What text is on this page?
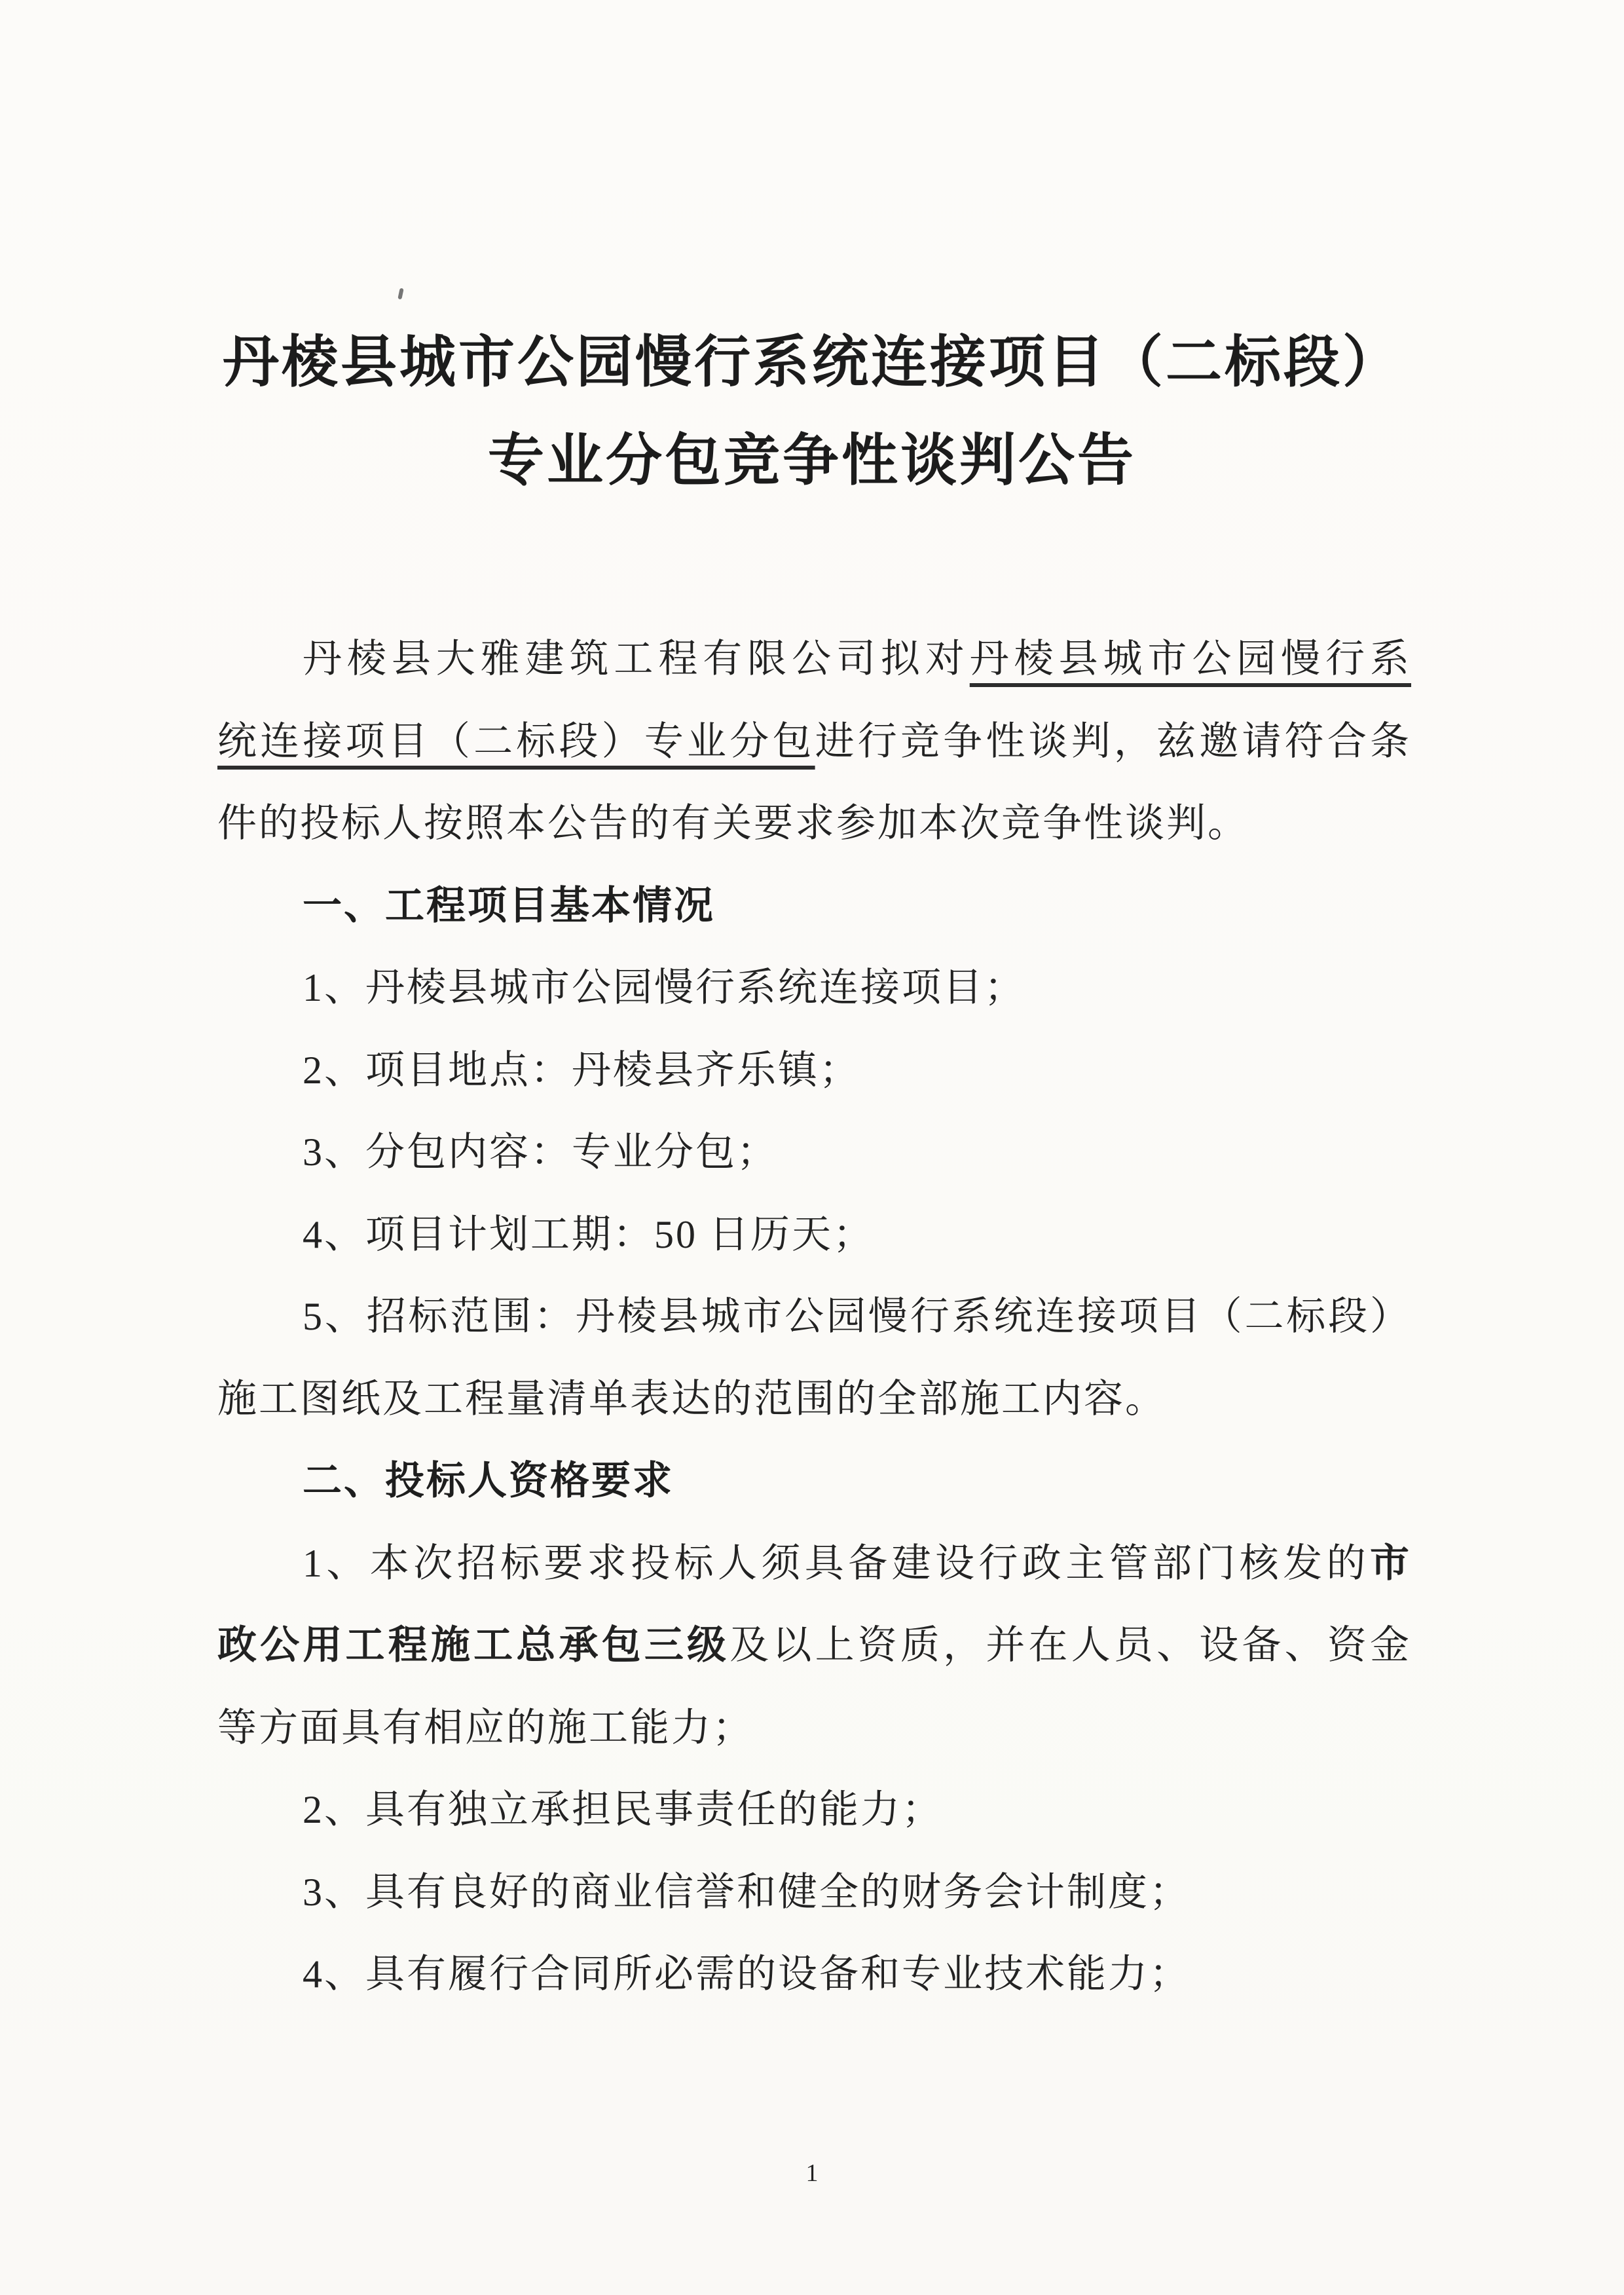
丹棱县城市公园慢行系统连接项目（二标段）
专业分包竞争性谈判公告
丹棱县大雅建筑工程有限公司拟对丹棱县城市公园慢行系
统连接项目（二标段）专业分包进行竞争性谈判，兹邀请符合条
件的投标人按照本公告的有关要求参加本次竞争性谈判。
一、工程项目基本情况
1、丹棱县城市公园慢行系统连接项目；
2、项目地点：丹棱县齐乐镇；
3、分包内容：专业分包；
4、项目计划工期：50 日历天；
5、招标范围：丹棱县城市公园慢行系统连接项目（二标段）
施工图纸及工程量清单表达的范围的全部施工内容。
二、投标人资格要求
1、本次招标要求投标人须具备建设行政主管部门核发的市
政公用工程施工总承包三级及以上资质，并在人员、设备、资金
等方面具有相应的施工能力；
2、具有独立承担民事责任的能力；
3、具有良好的商业信誉和健全的财务会计制度；
4、具有履行合同所必需的设备和专业技术能力；
1
